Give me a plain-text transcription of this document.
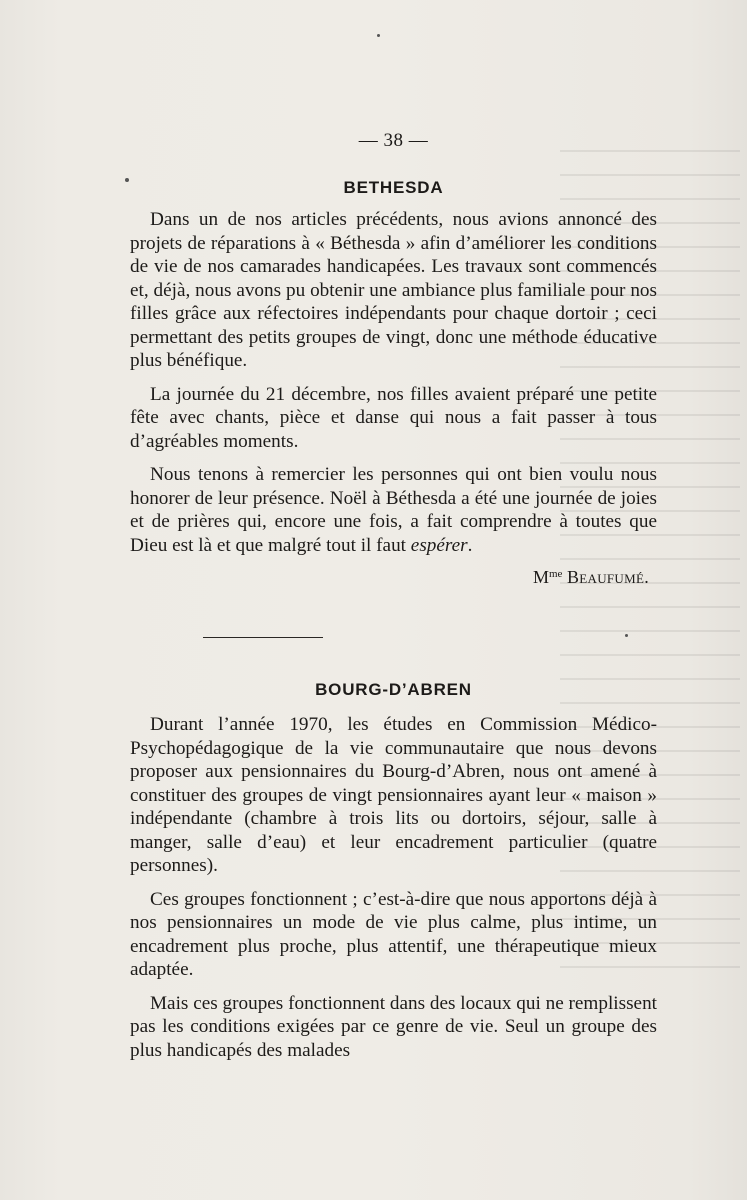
— 38 —
BETHESDA

Dans un de nos articles précédents, nous avions annoncé des projets de réparations à « Béthesda » afin d’améliorer les conditions de vie de nos camarades handicapées. Les travaux sont commencés et, déjà, nous avons pu obtenir une ambiance plus familiale pour nos filles grâce aux réfectoires indépendants pour chaque dortoir ; ceci permettant des petits groupes de vingt, donc une méthode éducative plus bénéfique.

La journée du 21 décembre, nos filles avaient préparé une petite fête avec chants, pièce et danse qui nous a fait passer à tous d’agréables moments.

Nous tenons à remercier les personnes qui ont bien voulu nous honorer de leur présence. Noël à Béthesda a été une journée de joies et de prières qui, encore une fois, a fait comprendre à toutes que Dieu est là et que malgré tout il faut espérer.

$M^{me}$ Beaufumé.

BOURG-D’ABREN

Durant l’année 1970, les études en Commission Médico-Psychopédagogique de la vie communautaire que nous devons proposer aux pensionnaires du Bourg-d’Abren, nous ont amené à constituer des groupes de vingt pensionnaires ayant leur « maison » indépendante (chambre à trois lits ou dortoirs, séjour, salle à manger, salle d’eau) et leur encadrement particulier (quatre personnes).

Ces groupes fonctionnent ; c’est-à-dire que nous apportons déjà à nos pensionnaires un mode de vie plus calme, plus intime, un encadrement plus proche, plus attentif, une thérapeutique mieux adaptée.

Mais ces groupes fonctionnent dans des locaux qui ne remplissent pas les conditions exigées par ce genre de vie. Seul un groupe des plus handicapés des malades
